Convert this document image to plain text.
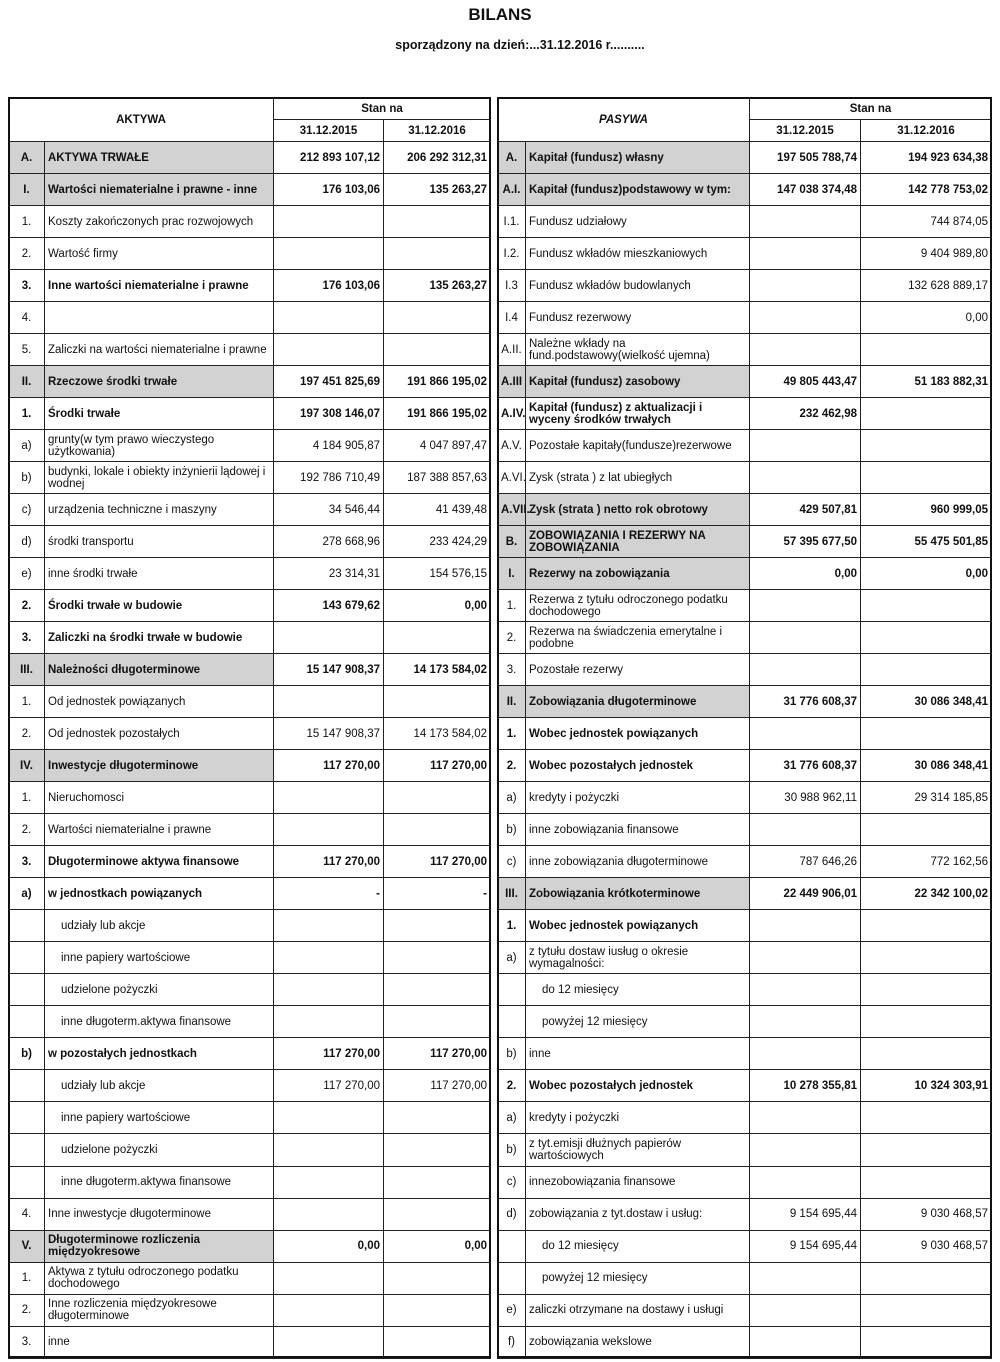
BILANS
sporządzony na dzień:...31.12.2016 r..........
AKTYWA		Stan na	
		31.12.2015	31.12.2016
A.	AKTYWA TRWAŁE	212 893 107,12	206 292 312,31
I.	Wartości niematerialne i prawne - inne	176 103,06	135 263,27
1.	Koszty zakończonych prac rozwojowych		
2.	Wartość firmy		
3.	Inne wartości niematerialne i prawne	176 103,06	135 263,27
4.			
5.	Zaliczki na wartości niematerialne i prawne		
II.	Rzeczowe środki trwałe	197 451 825,69	191 866 195,02
1.	Środki trwałe	197 308 146,07	191 866 195,02
a)	grunty(w tym prawo wieczystego użytkowania)	4 184 905,87	4 047 897,47
b)	budynki, lokale i obiekty inżynierii lądowej i wodnej	192 786 710,49	187 388 857,63
c)	urządzenia techniczne i maszyny	34 546,44	41 439,48
d)	środki transportu	278 668,96	233 424,29
e)	inne środki trwałe	23 314,31	154 576,15
2.	Środki trwałe w budowie	143 679,62	0,00
3.	Zaliczki na środki trwałe w budowie		
III.	Należności długoterminowe	15 147 908,37	14 173 584,02
1.	Od jednostek powiązanych		
2.	Od jednostek pozostałych	15 147 908,37	14 173 584,02
IV.	Inwestycje długoterminowe	117 270,00	117 270,00
1.	Nieruchomosci		
2.	Wartości niematerialne i prawne		
3.	Długoterminowe aktywa finansowe	117 270,00	117 270,00
a)	w jednostkach powiązanych	-	-
	udziały lub akcje		
	inne papiery wartościowe		
	udzielone pożyczki		
	inne długoterm.aktywa finansowe		
b)	w pozostałych jednostkach	117 270,00	117 270,00
	udziały lub akcje	117 270,00	117 270,00
	inne papiery wartościowe		
	udzielone pożyczki		
	inne długoterm.aktywa finansowe		
4.	Inne inwestycje długoterminowe		
V.	Długoterminowe rozliczenia międzyokresowe	0,00	0,00
1.	Aktywa z tytułu odroczonego podatku dochodowego		
2.	Inne rozliczenia międzyokresowe długoterminowe		
3.	inne		
PASYWA		Stan na	
		31.12.2015	31.12.2016
A.	Kapitał (fundusz) własny	197 505 788,74	194 923 634,38
A.I.	Kapitał (fundusz)podstawowy w tym:	147 038 374,48	142 778 753,02
I.1.	Fundusz udziałowy		744 874,05
I.2.	Fundusz wkładów mieszkaniowych		9 404 989,80
I.3	Fundusz wkładów budowlanych		132 628 889,17
I.4	Fundusz rezerwowy		0,00
A.II.	Należne wkłady na fund.podstawowy(wielkość ujemna)		
A.III	Kapitał (fundusz) zasobowy	49 805 443,47	51 183 882,31
A.IV.	Kapitał (fundusz) z aktualizacji i wyceny środków trwałych	232 462,98	
A.V.	Pozostałe kapitały(fundusze)rezerwowe		
A.VI.	Zysk (strata ) z lat ubiegłych		
A.VII.	Zysk (strata ) netto rok obrotowy	429 507,81	960 999,05
B.	ZOBOWIĄZANIA I REZERWY NA ZOBOWIĄZANIA	57 395 677,50	55 475 501,85
I.	Rezerwy na zobowiązania	0,00	0,00
1.	Rezerwa z tytułu odroczonego podatku dochodowego		
2.	Rezerwa na świadczenia emerytalne i podobne		
3.	Pozostałe rezerwy		
II.	Zobowiązania długoterminowe	31 776 608,37	30 086 348,41
1.	Wobec jednostek powiązanych		
2.	Wobec pozostałych jednostek	31 776 608,37	30 086 348,41
a)	kredyty i pożyczki	30 988 962,11	29 314 185,85
b)	inne zobowiązania finansowe		
c)	inne zobowiązania długoterminowe	787 646,26	772 162,56
III.	Zobowiązania krótkoterminowe	22 449 906,01	22 342 100,02
1.	Wobec jednostek powiązanych		
a)	z tytułu dostaw iusług o okresie wymagalności:		
	do 12 miesięcy		
	powyżej 12 miesięcy		
b)	inne		
2.	Wobec pozostałych jednostek	10 278 355,81	10 324 303,91
a)	kredyty i pożyczki		
b)	z tyt.emisji dłużnych papierów wartościowych		
c)	innezobowiązania finansowe		
d)	zobowiązania z tyt.dostaw i usług:	9 154 695,44	9 030 468,57
	do 12 miesięcy	9 154 695,44	9 030 468,57
	powyżej 12 miesięcy		
e)	zaliczki otrzymane na dostawy i usługi		
f)	zobowiązania wekslowe		
